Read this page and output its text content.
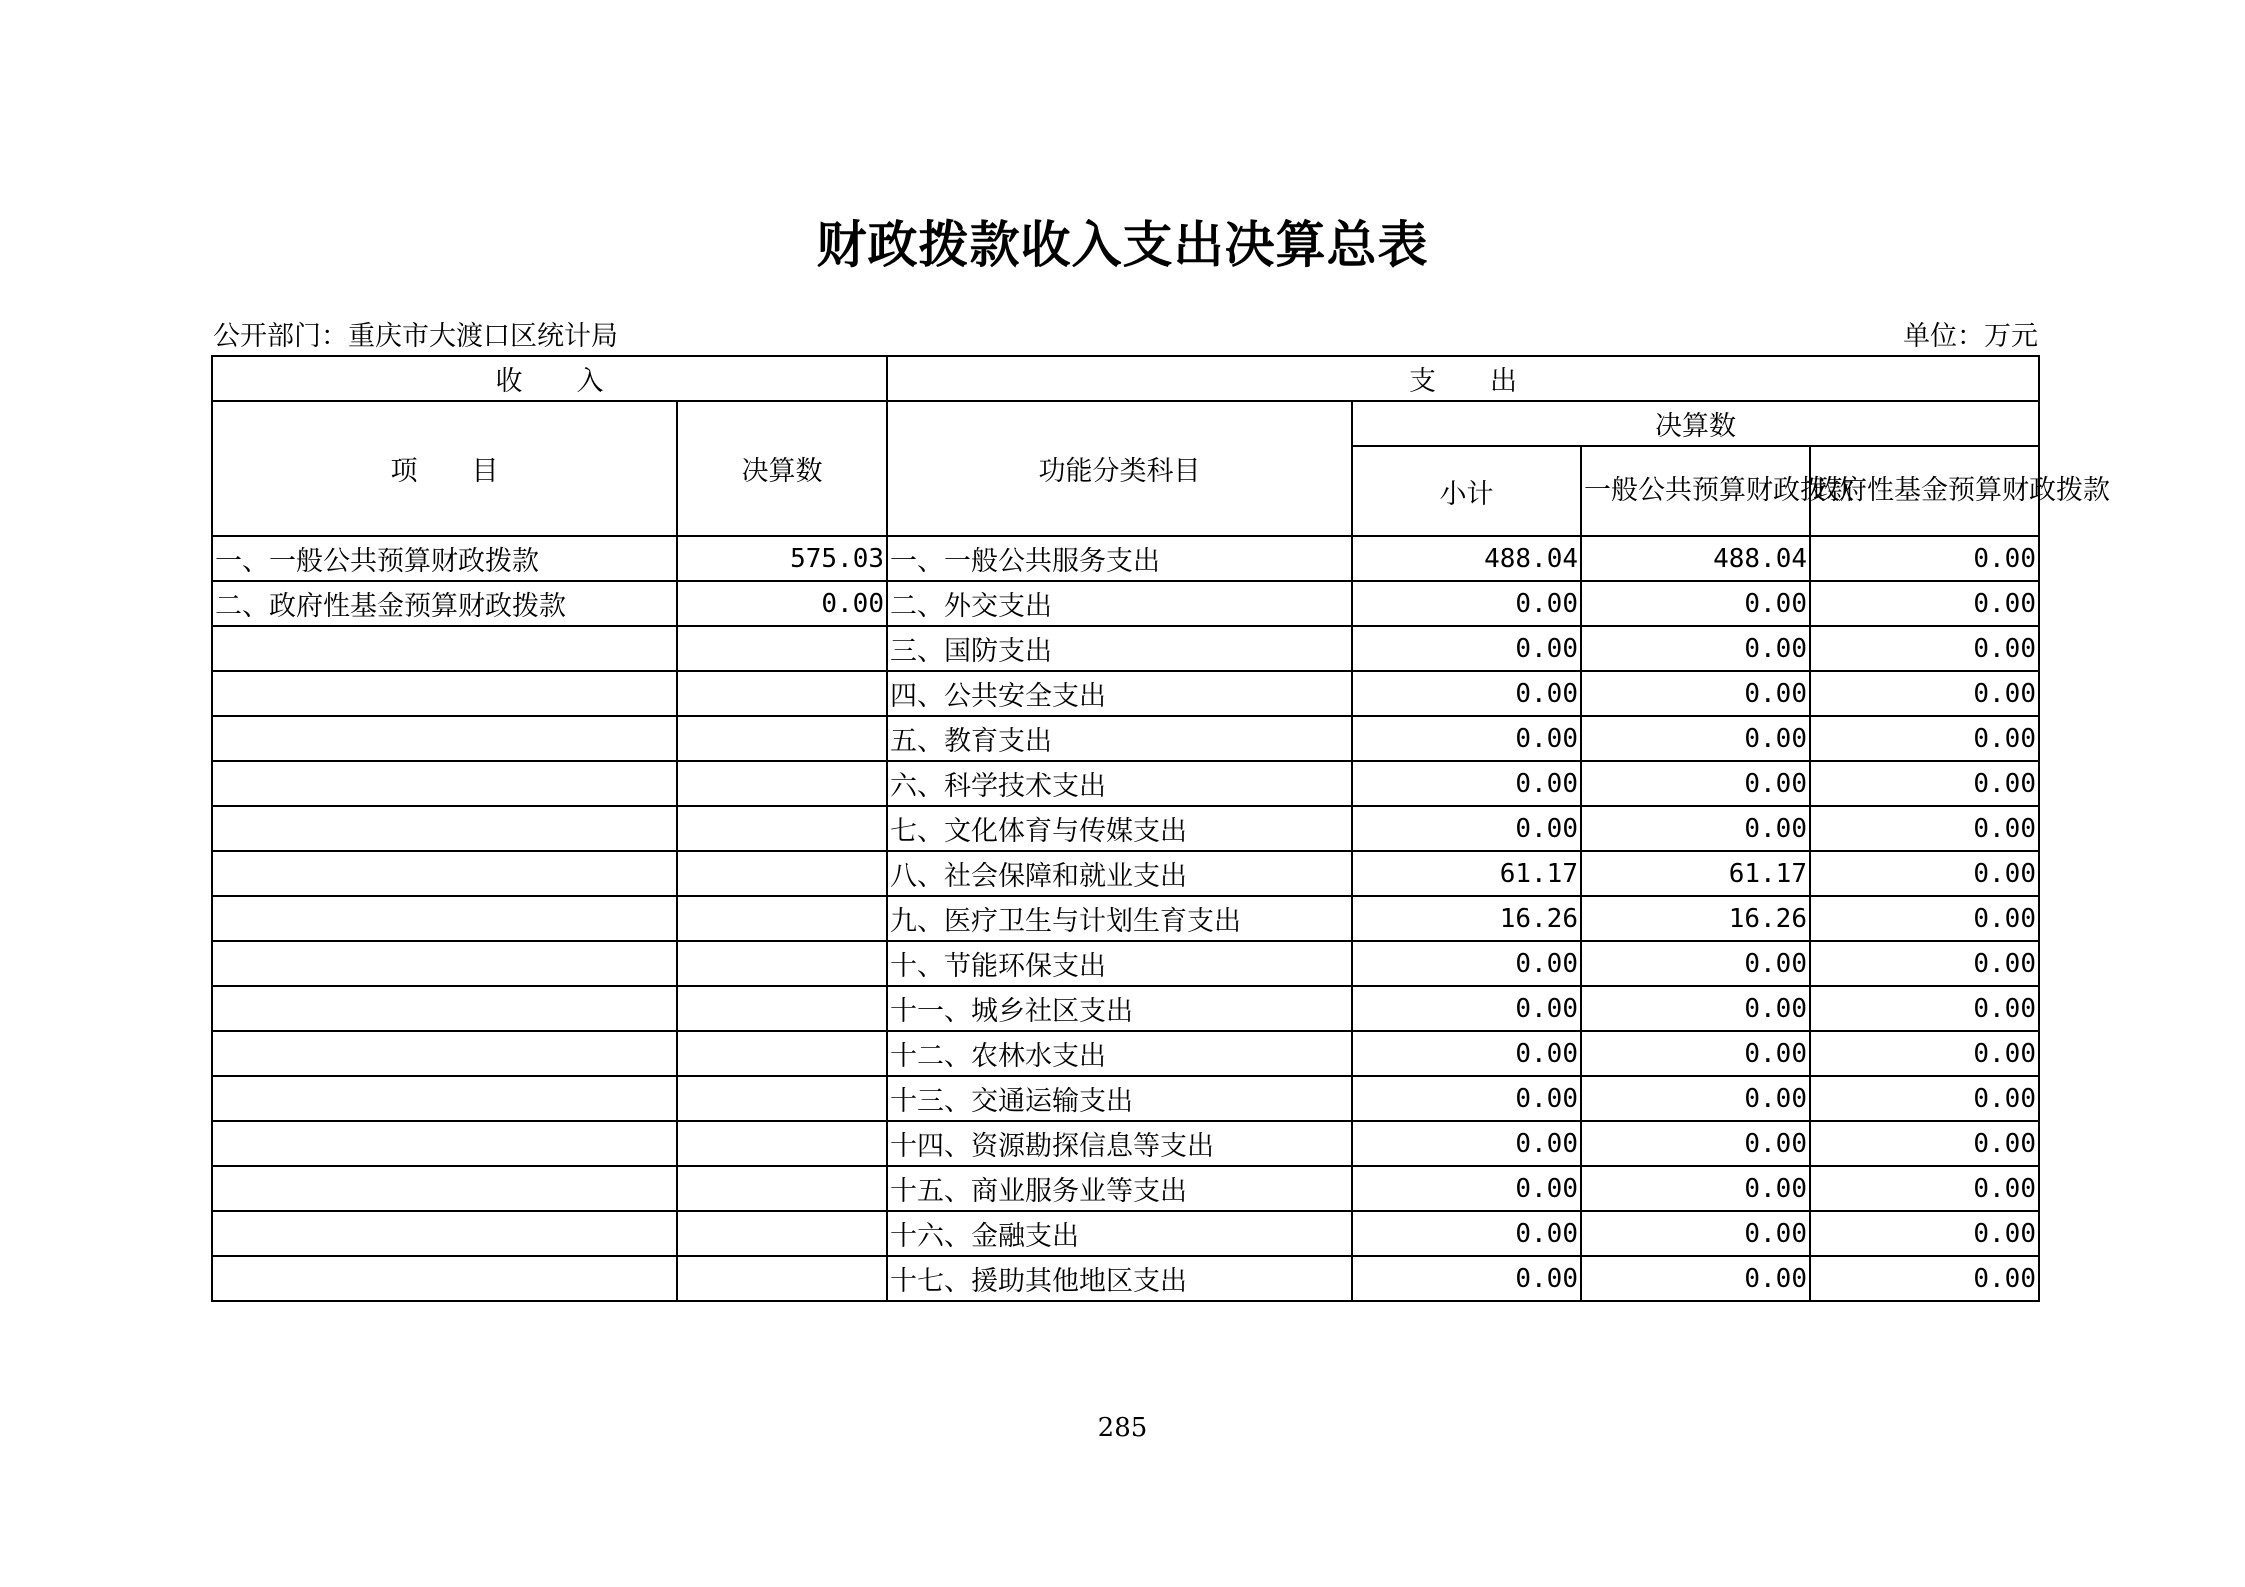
财政拨款收入支出决算总表
公开部门：重庆市大渡口区统计局	单位：万元
收　　入		支　　出			
项　　目	决算数	功能分类科目	决算数		
			小计	一般公共预算财政拨款	政府性基金预算财政拨款
一、一般公共预算财政拨款	575.03	一、一般公共服务支出	488.04	488.04	0.00
二、政府性基金预算财政拨款	0.00	二、外交支出	0.00	0.00	0.00
		三、国防支出	0.00	0.00	0.00
		四、公共安全支出	0.00	0.00	0.00
		五、教育支出	0.00	0.00	0.00
		六、科学技术支出	0.00	0.00	0.00
		七、文化体育与传媒支出	0.00	0.00	0.00
		八、社会保障和就业支出	61.17	61.17	0.00
		九、医疗卫生与计划生育支出	16.26	16.26	0.00
		十、节能环保支出	0.00	0.00	0.00
		十一、城乡社区支出	0.00	0.00	0.00
		十二、农林水支出	0.00	0.00	0.00
		十三、交通运输支出	0.00	0.00	0.00
		十四、资源勘探信息等支出	0.00	0.00	0.00
		十五、商业服务业等支出	0.00	0.00	0.00
		十六、金融支出	0.00	0.00	0.00
		十七、援助其他地区支出	0.00	0.00	0.00
285
